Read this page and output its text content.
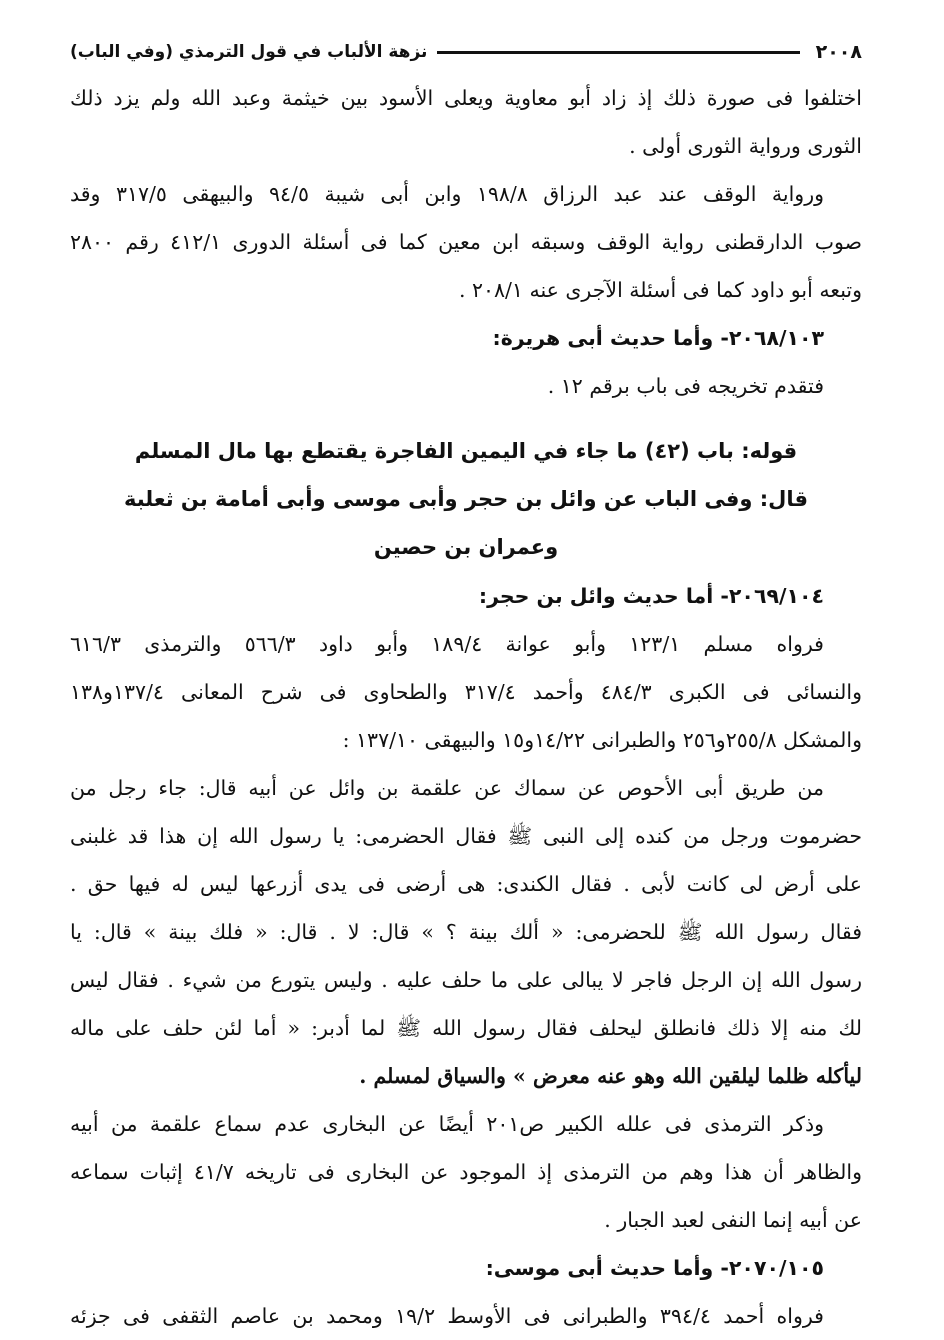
٢٠٠٨
نزهة الألباب في قول الترمذي (وفي الباب)
اختلفوا فى صورة ذلك إذ زاد أبو معاوية ويعلى الأسود بين خيثمة وعبد الله ولم يزد ذلك
الثورى ورواية الثورى أولى .
ورواية الوقف عند عبد الرزاق ١٩٨/٨ وابن أبى شيبة ٩٤/٥ والبيهقى ٣١٧/٥ وقد
صوب الدارقطنى رواية الوقف وسبقه ابن معين كما فى أسئلة الدورى ٤١٢/١ رقم ٢٨٠٠
وتبعه أبو داود كما فى أسئلة الآجرى عنه ٢٠٨/١ .
٢٠٦٨/١٠٣- وأما حديث أبى هريرة:
فتقدم تخريجه فى باب برقم ١٢ .
قوله: باب (٤٢) ما جاء في اليمين الفاجرة يقتطع بها مال المسلم
قال: وفى الباب عن وائل بن حجر وأبى موسى وأبى أمامة بن ثعلبة
وعمران بن حصين
٢٠٦٩/١٠٤- أما حديث وائل بن حجر:
فرواه مسلم ١٢٣/١ وأبو عوانة ١٨٩/٤ وأبو داود ٥٦٦/٣ والترمذى ٦١٦/٣
والنسائى فى الكبرى ٤٨٤/٣ وأحمد ٣١٧/٤ والطحاوى فى شرح المعانى ١٣٧/٤و١٣٨
والمشكل ٢٥٥/٨و٢٥٦ والطبرانى ١٤/٢٢و١٥ والبيهقى ١٣٧/١٠ :
من طريق أبى الأحوص عن سماك عن علقمة بن وائل عن أبيه قال: جاء رجل من
حضرموت ورجل من كنده إلى النبى ﷺ فقال الحضرمى: يا رسول الله إن هذا قد غلبنى
على أرض لى كانت لأبى . فقال الكندى: هى أرضى فى يدى أزرعها ليس له فيها حق .
فقال رسول الله ﷺ للحضرمى: « ألك بينة ؟ » قال: لا . قال: « فلك بينة » قال: يا
رسول الله إن الرجل فاجر لا يبالى على ما حلف عليه . وليس يتورع من شيء . فقال ليس
لك منه إلا ذلك فانطلق ليحلف فقال رسول الله ﷺ لما أدبر: « أما لئن حلف على ماله
ليأكله ظلما ليلقين الله وهو عنه معرض » والسياق لمسلم .
وذكر الترمذى فى علله الكبير ص٢٠١ أيضًا عن البخارى عدم سماع علقمة من أبيه
والظاهر أن هذا وهم من الترمذى إذ الموجود عن البخارى فى تاريخه ٤١/٧ إثبات سماعه
عن أبيه إنما النفى لعبد الجبار .
٢٠٧٠/١٠٥- وأما حديث أبى موسى:
فرواه أحمد ٣٩٤/٤ والطبرانى فى الأوسط ١٩/٢ ومحمد بن عاصم الثقفى فى جزئه
